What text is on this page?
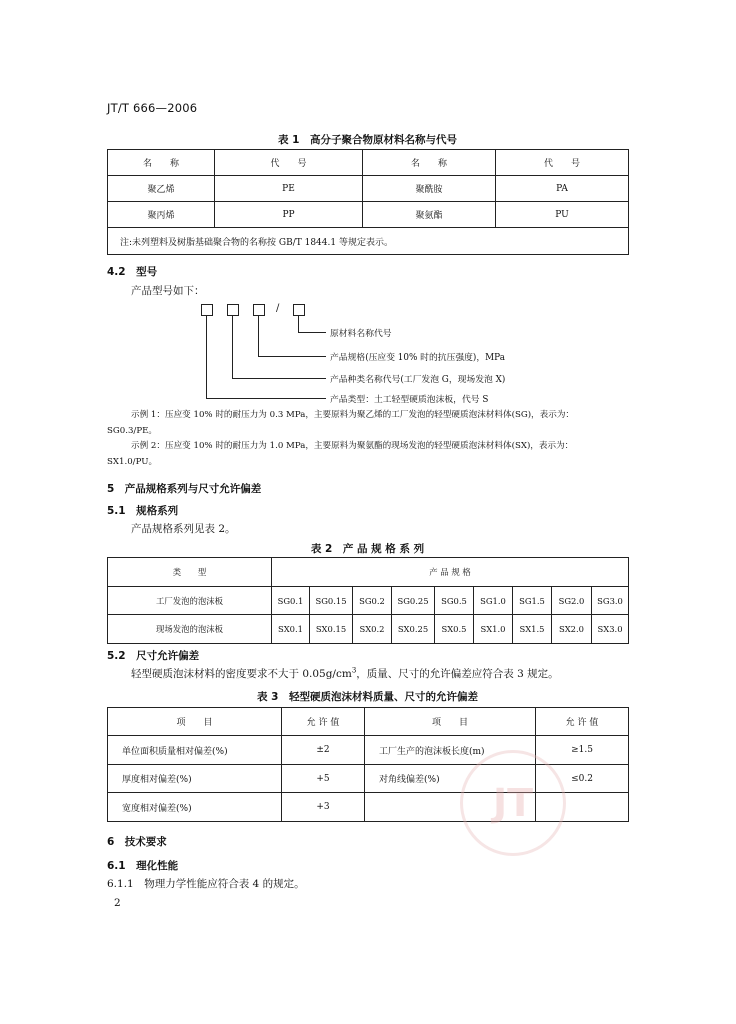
JT/T 666—2006
表 1　高分子聚合物原材料名称与代号
名　　称	代　　号	名　　称	代　　号
聚乙烯	PE	聚酰胺	PA
聚丙烯	PP	聚氨酯	PU
注:未列塑料及树脂基础聚合物的名称按 GB/T 1844.1 等规定表示。			
4.2　型号
产品型号如下：
/
原材料名称代号
产品规格(压应变 10% 时的抗压强度)，MPa
产品种类名称代号(工厂发泡 G，现场发泡 X)
产品类型：土工轻型硬质泡沫板，代号 S
示例 1：压应变 10% 时的耐压力为 0.3 MPa，主要原料为聚乙烯的工厂发泡的轻型硬质泡沫材料体(SG)，表示为：
SG0.3/PE。
示例 2：压应变 10% 时的耐压力为 1.0 MPa，主要原料为聚氨酯的现场发泡的轻型硬质泡沫材料体(SX)，表示为：
SX1.0/PU。
5　产品规格系列与尺寸允许偏差
5.1　规格系列
产品规格系列见表 2。
表 2　产 品 规 格 系 列
类　　型	产 品 规 格								
工厂发泡的泡沫板	SG0.1	SG0.15	SG0.2	SG0.25	SG0.5	SG1.0	SG1.5	SG2.0	SG3.0
现场发泡的泡沫板	SX0.1	SX0.15	SX0.2	SX0.25	SX0.5	SX1.0	SX1.5	SX2.0	SX3.0
5.2　尺寸允许偏差
轻型硬质泡沫材料的密度要求不大于 $0.05g/cm^3$，质量、尺寸的允许偏差应符合表 3 规定。
表 3　轻型硬质泡沫材料质量、尺寸的允许偏差
项　　目	允 许 值	项　　目	允 许 值
单位面积质量相对偏差(%)	±2	工厂生产的泡沫板长度(m)	≥1.5
厚度相对偏差(%)	+5	对角线偏差(%)	≤0.2
宽度相对偏差(%)	+3			JT
6　技术要求
6.1　理化性能
6.1.1　物理力学性能应符合表 4 的规定。
2
